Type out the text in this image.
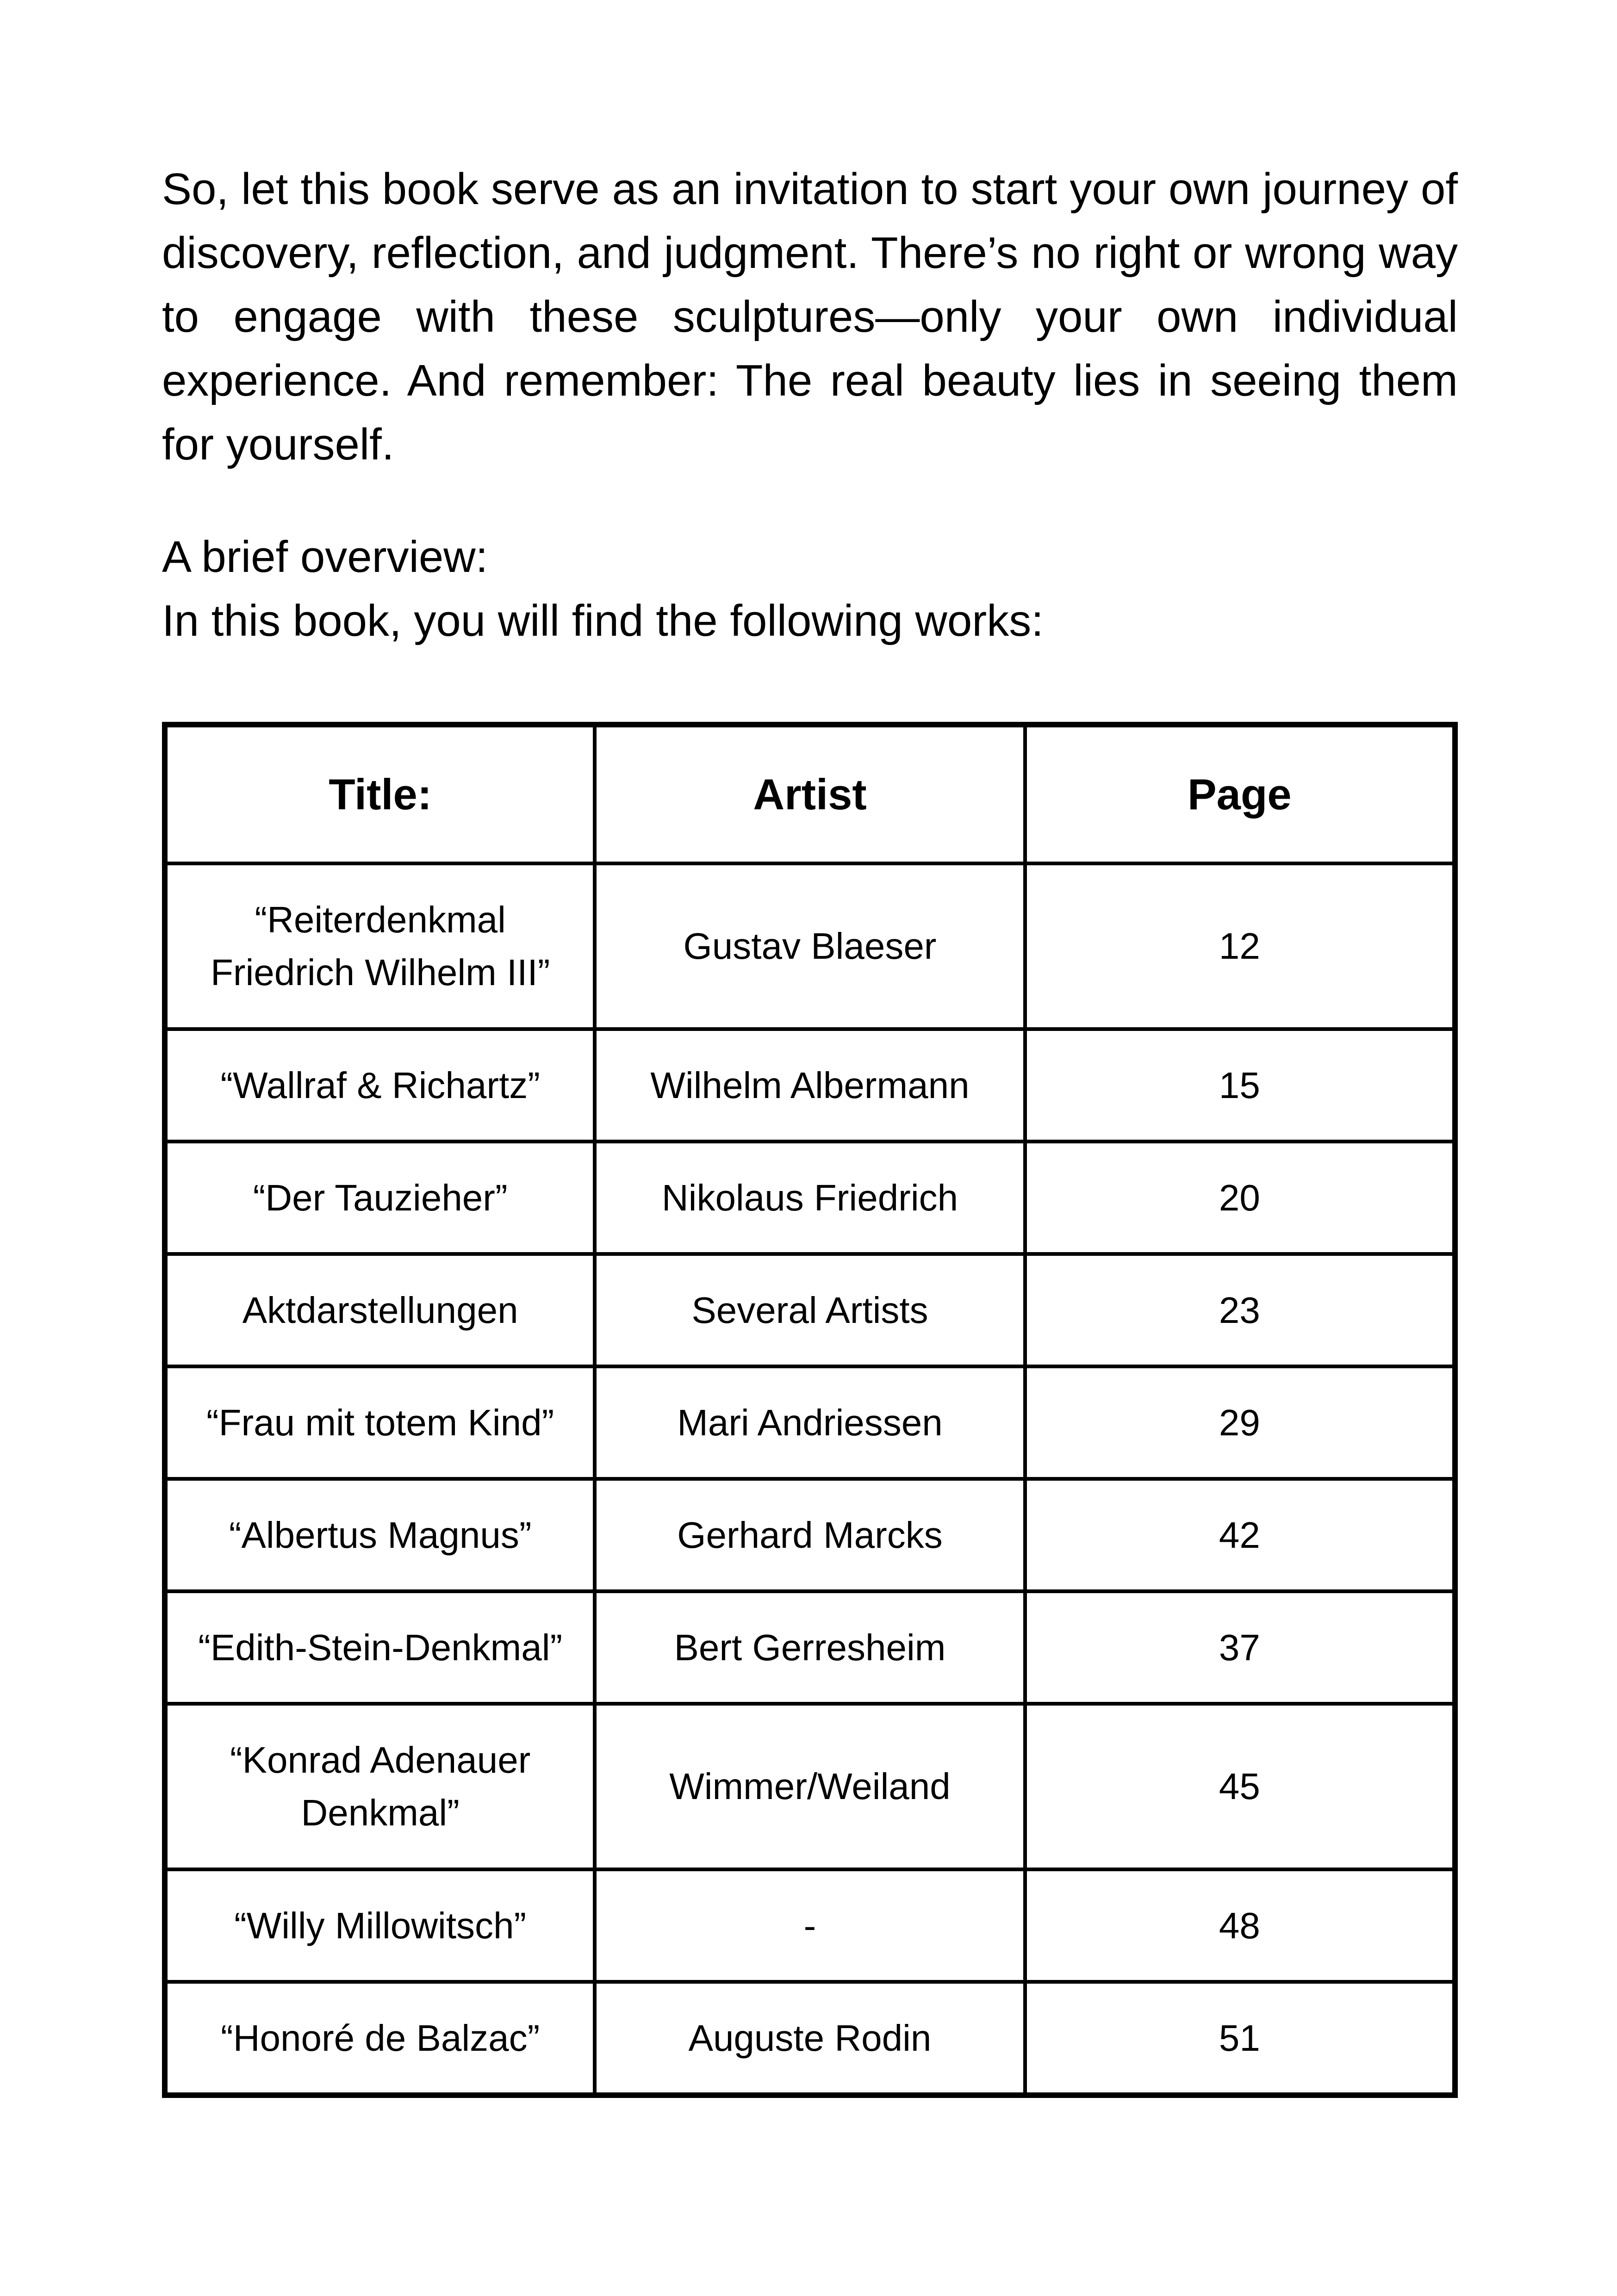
So, let this book serve as an invitation to start your own journey of discovery, reflection, and judgment. There’s no right or wrong way to engage with these sculptures—only your own individual experience. And remember: The real beauty lies in seeing them for yourself.

A brief overview:
In this book, you will find the following works:

Title:	Artist	Page
“Reiterdenkmal Friedrich Wilhelm III”	Gustav Blaeser	12
“Wallraf & Richartz”	Wilhelm Albermann	15
“Der Tauzieher”	Nikolaus Friedrich	20
Aktdarstellungen	Several Artists	23
“Frau mit totem Kind”	Mari Andriessen	29
“Albertus Magnus”	Gerhard Marcks	42
“Edith-Stein-Denkmal”	Bert Gerresheim	37
“Konrad Adenauer Denkmal”	Wimmer/Weiland	45
“Willy Millowitsch”	-	48
“Honoré de Balzac”	Auguste Rodin	51
